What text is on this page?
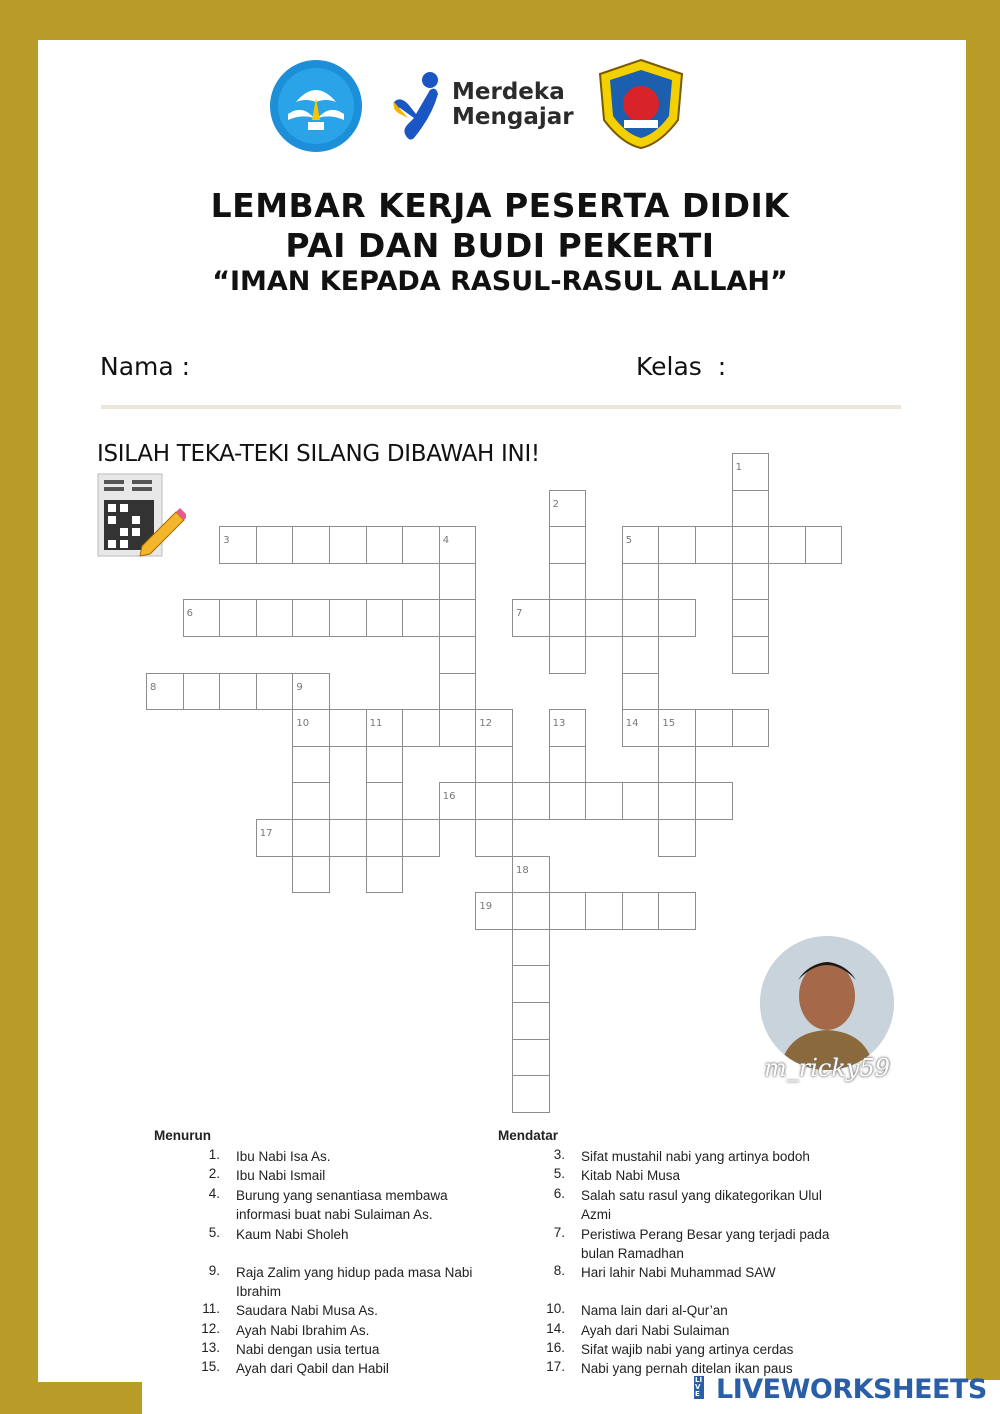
Merdeka
Mengajar
LEMBAR KERJA PESERTA DIDIK
PAI DAN BUDI PEKERTI
“IMAN KEPADA RASUL-RASUL ALLAH”
Nama :	Kelas  :
ISILAH TEKA-TEKI SILANG DIBAWAH INI!
1
2
3	4	5
6	7
8	9
10	11	12	13	14 15
16
17
18
19
m_ricky59
Menurun	Mendatar
1. Ibu Nabi Isa As.
2. Ibu Nabi Ismail
4. Burung yang senantiasa membawa informasi buat nabi Sulaiman As.
5. Kaum Nabi Sholeh
9. Raja Zalim yang hidup pada masa Nabi Ibrahim
11. Saudara Nabi Musa As.
12. Ayah Nabi Ibrahim As.
13. Nabi dengan usia tertua
15. Ayah dari Qabil dan Habil
3. Sifat mustahil nabi yang artinya bodoh
5. Kitab Nabi Musa
6. Salah satu rasul yang dikategorikan Ulul Azmi
7. Peristiwa Perang Besar yang terjadi pada bulan Ramadhan
8. Hari lahir Nabi Muhammad SAW
10. Nama lain dari al-Qur’an
14. Ayah dari Nabi Sulaiman
16. Sifat wajib nabi yang artinya cerdas
17. Nabi yang pernah ditelan ikan paus
LIVE LIVEWORKSHEETS
